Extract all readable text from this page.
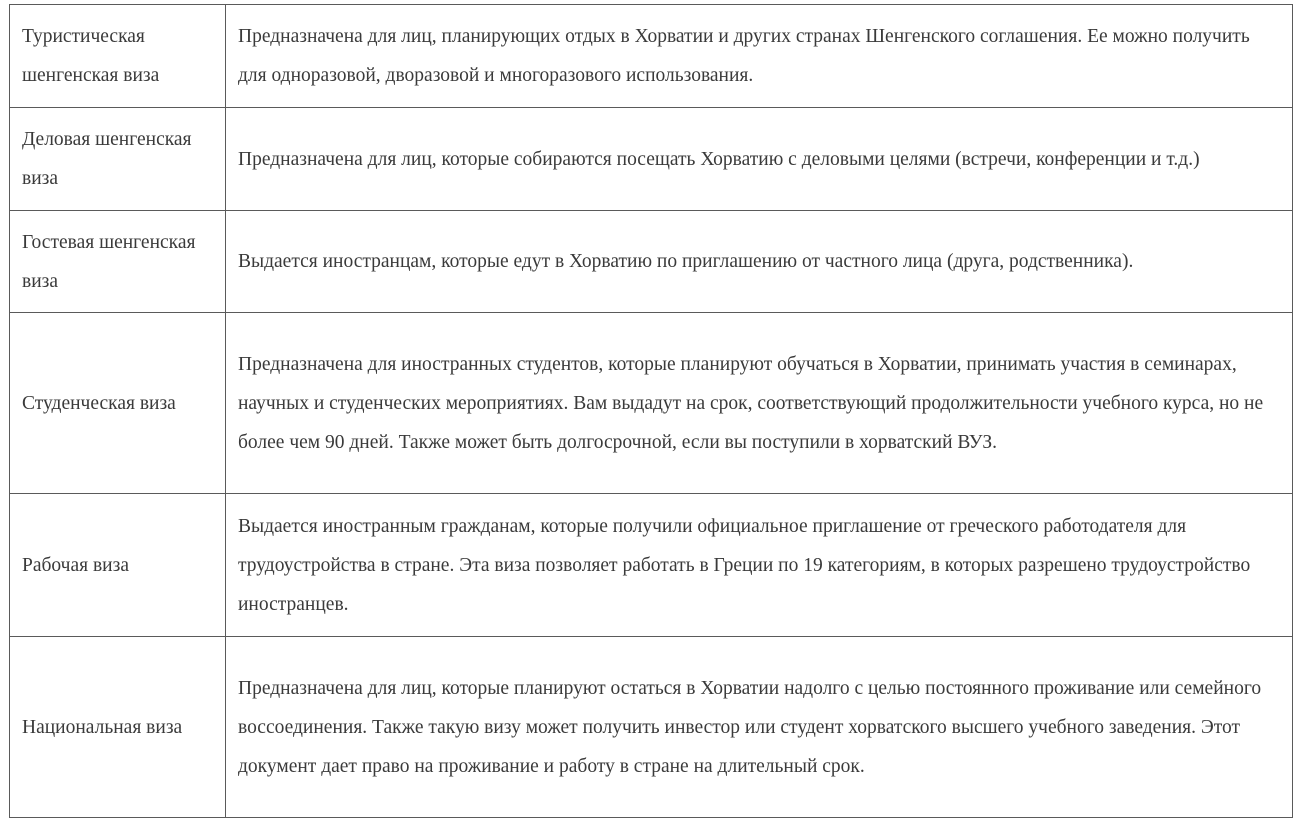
Туристическая шенгенская виза	Предназначена для лиц, планирующих отдых в Хорватии и других странах Шенгенского соглашения. Ее можно получить для одноразовой, дворазовой и многоразового использования.
Деловая шенгенская виза	Предназначена для лиц, которые собираются посещать Хорватию с деловыми целями (встречи, конференции и т.д.)
Гостевая шенгенская виза	Выдается иностранцам, которые едут в Хорватию по приглашению от частного лица (друга, родственника).
Студенческая виза	Предназначена для иностранных студентов, которые планируют обучаться в Хорватии, принимать участия в семинарах, научных и студенческих мероприятиях. Вам выдадут на срок, соответствующий продолжительности учебного курса, но не более чем 90 дней. Также может быть долгосрочной, если вы поступили в хорватский ВУЗ.
Рабочая виза	Выдается иностранным гражданам, которые получили официальное приглашение от греческого работодателя для трудоустройства в стране. Эта виза позволяет работать в Греции по 19 категориям, в которых разрешено трудоустройство иностранцев.
Национальная виза	Предназначена для лиц, которые планируют остаться в Хорватии надолго с целью постоянного проживание или семейного воссоединения. Также такую визу может получить инвестор или студент хорватского высшего учебного заведения. Этот документ дает право на проживание и работу в стране на длительный срок.
